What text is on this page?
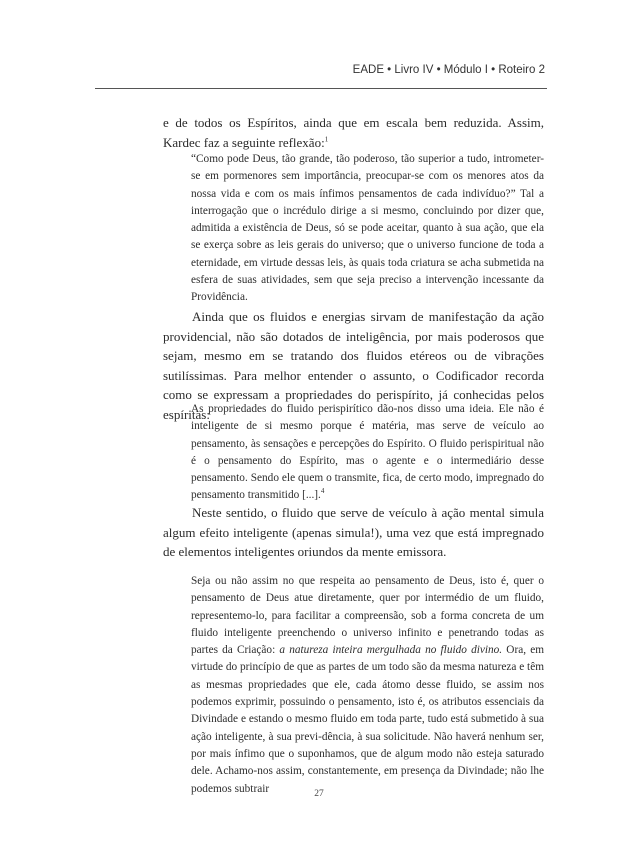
EADE • Livro IV • Módulo I • Roteiro 2

e de todos os Espíritos, ainda que em escala bem reduzida. Assim, Kardec faz a seguinte reflexão:$^1$

“Como pode Deus, tão grande, tão poderoso, tão superior a tudo, intrometer-se em pormenores sem importância, preocupar-se com os menores atos da nossa vida e com os mais ínfimos pensamentos de cada indivíduo?” Tal a interrogação que o incrédulo dirige a si mesmo, concluindo por dizer que, admitida a existência de Deus, só se pode aceitar, quanto à sua ação, que ela se exerça sobre as leis gerais do universo; que o universo funcione de toda a eternidade, em virtude dessas leis, às quais toda criatura se acha submetida na esfera de suas atividades, sem que seja preciso a intervenção incessante da Providência.

Ainda que os fluidos e energias sirvam de manifestação da ação providencial, não são dotados de inteligência, por mais poderosos que sejam, mesmo em se tratando dos fluidos etéreos ou de vibrações sutilíssimas. Para melhor entender o assunto, o Codificador recorda como se expressam a propriedades do perispírito, já conhecidas pelos espíritas:

As propriedades do fluido perispirítico dão-nos disso uma ideia. Ele não é inteligente de si mesmo porque é matéria, mas serve de veículo ao pensamento, às sensações e percepções do Espírito. O fluido perispiritual não é o pensamento do Espírito, mas o agente e o intermediário desse pensamento. Sendo ele quem o transmite, fica, de certo modo, impregnado do pensamento transmitido [...].$^4$

Neste sentido, o fluido que serve de veículo à ação mental simula algum efeito inteligente (apenas simula!), uma vez que está impregnado de elementos inteligentes oriundos da mente emissora.

Seja ou não assim no que respeita ao pensamento de Deus, isto é, quer o pensamento de Deus atue diretamente, quer por intermédio de um fluido, representemo-lo, para facilitar a compreensão, sob a forma concreta de um fluido inteligente preenchendo o universo infinito e penetrando todas as partes da Criação: a natureza inteira mergulhada no fluido divino. Ora, em virtude do princípio de que as partes de um todo são da mesma natureza e têm as mesmas propriedades que ele, cada átomo desse fluido, se assim nos podemos exprimir, possuindo o pensamento, isto é, os atributos essenciais da Divindade e estando o mesmo fluido em toda parte, tudo está submetido à sua ação inteligente, à sua previ-dência, à sua solicitude. Não haverá nenhum ser, por mais ínfimo que o suponhamos, que de algum modo não esteja saturado dele. Achamo-nos assim, constantemente, em presença da Divindade; não lhe podemos subtrair	27
